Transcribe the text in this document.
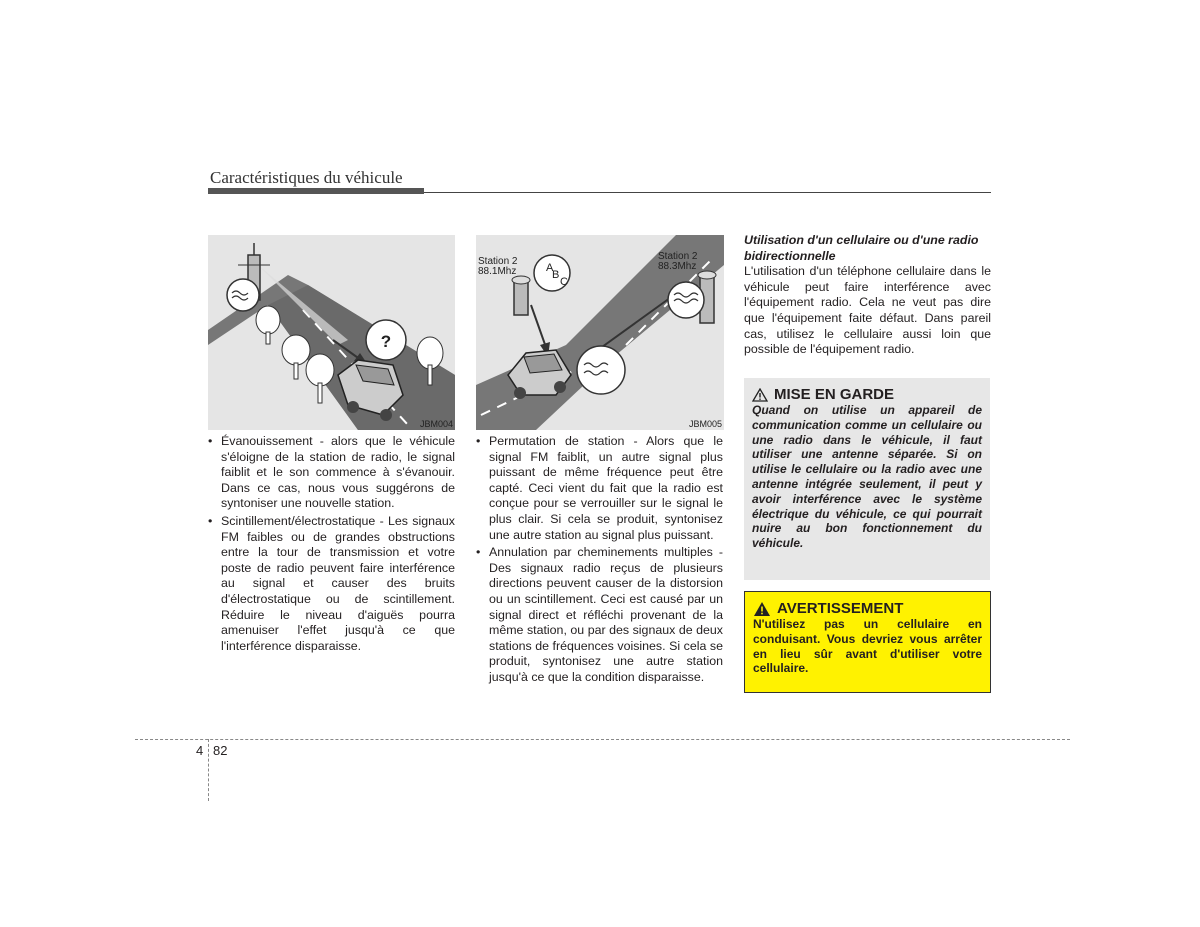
Caractéristiques du véhicule
?
JBM004
A
B
C
Station 2
88.1Mhz
Station 2
88.3Mhz
JBM005
• Évanouissement - alors que le véhicule s'éloigne de la station de radio, le signal faiblit et le son commence à s'évanouir. Dans ce cas, nous vous suggérons de syntoniser une nouvelle station.
• Scintillement/électrostatique - Les signaux FM faibles ou de grandes obstructions entre la tour de transmission et votre poste de radio peuvent faire interférence au signal et causer des bruits d'électrostatique ou de scintillement. Réduire le niveau d'aiguës pourra amenuiser l'effet jusqu'à ce que l'interférence disparaisse.
• Permutation de station - Alors que le signal FM faiblit, un autre signal plus puissant de même fréquence peut être capté. Ceci vient du fait que la radio est conçue pour se verrouiller sur le signal le plus clair. Si cela se produit, syntonisez une autre station au signal plus puissant.
• Annulation par cheminements multiples - Des signaux radio reçus de plusieurs directions peuvent causer de la distorsion ou un scintillement. Ceci est causé par un signal direct et réfléchi provenant de la même station, ou par des signaux de deux stations de fréquences voisines. Si cela se produit, syntonisez une autre station jusqu'à ce que la condition disparaisse.
Utilisation d'un cellulaire ou d'une radio bidirectionnelle
L'utilisation d'un téléphone cellulaire dans le véhicule peut faire interférence avec l'équipement radio. Cela ne veut pas dire que l'équipement faite défaut. Dans pareil cas, utilisez le cellulaire aussi loin que possible de l'équipement radio.
MISE EN GARDE
Quand on utilise un appareil de communication comme un cellulaire ou une radio dans le véhicule, il faut utiliser une antenne séparée. Si on utilise le cellulaire ou la radio avec une antenne intégrée seulement, il peut y avoir interférence avec le système électrique du véhicule, ce qui pourrait nuire au bon fonctionnement du véhicule.
AVERTISSEMENT
N'utilisez pas un cellulaire en conduisant. Vous devriez vous arrêter en lieu sûr avant d'utiliser votre cellulaire.
4 82
